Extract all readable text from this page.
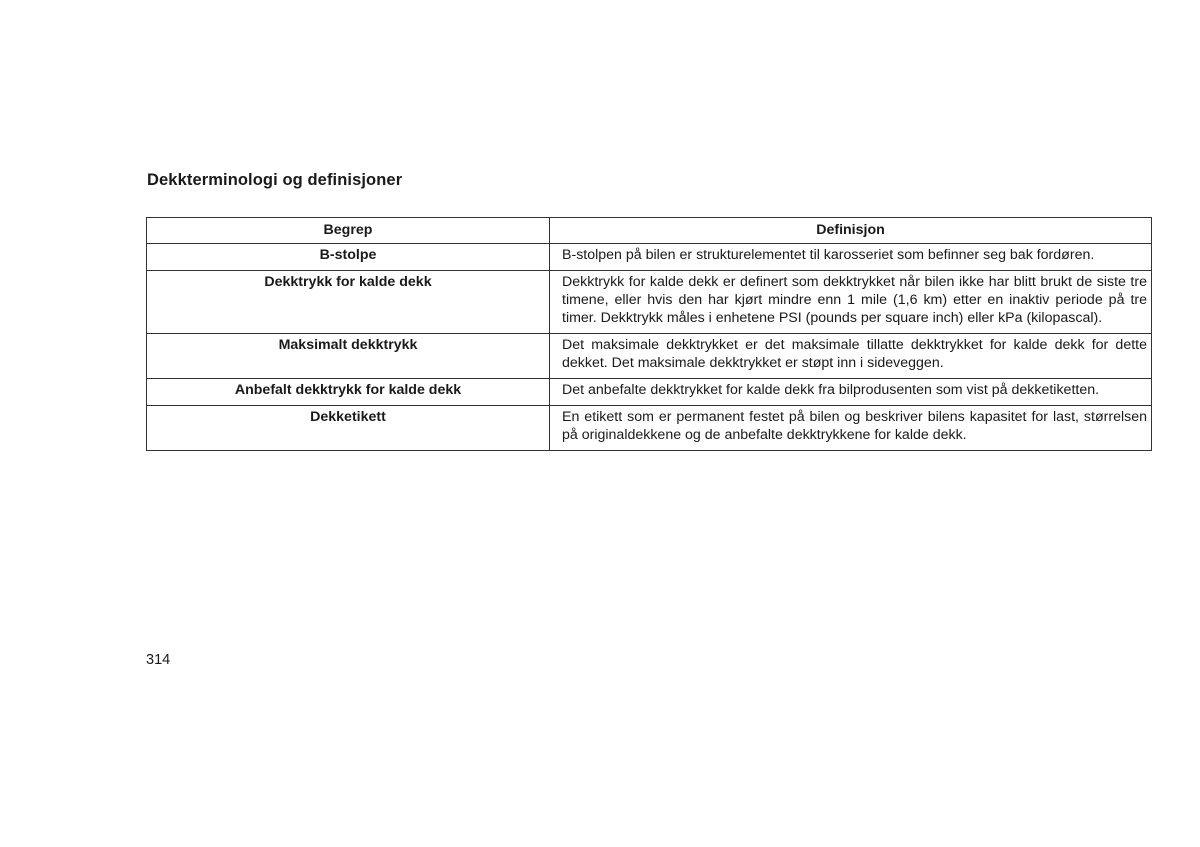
Dekkterminologi og definisjoner
Begrep	Definisjon
B-stolpe	B-stolpen på bilen er strukturelementet til karosseriet som befinner seg bak fordøren.
Dekktrykk for kalde dekk	Dekktrykk for kalde dekk er definert som dekktrykket når bilen ikke har blitt brukt de siste tre timene, eller hvis den har kjørt mindre enn 1 mile (1,6 km) etter en inaktiv periode på tre timer. Dekktrykk måles i enhetene PSI (pounds per square inch) eller kPa (kilopascal).
Maksimalt dekktrykk	Det maksimale dekktrykket er det maksimale tillatte dekktrykket for kalde dekk for dette dekket. Det maksimale dekktrykket er støpt inn i sideveggen.
Anbefalt dekktrykk for kalde dekk	Det anbefalte dekktrykket for kalde dekk fra bilprodusenten som vist på dekketiketten.
Dekketikett	En etikett som er permanent festet på bilen og beskriver bilens kapasitet for last, størrelsen på originaldekkene og de anbefalte dekktrykkene for kalde dekk.
314
